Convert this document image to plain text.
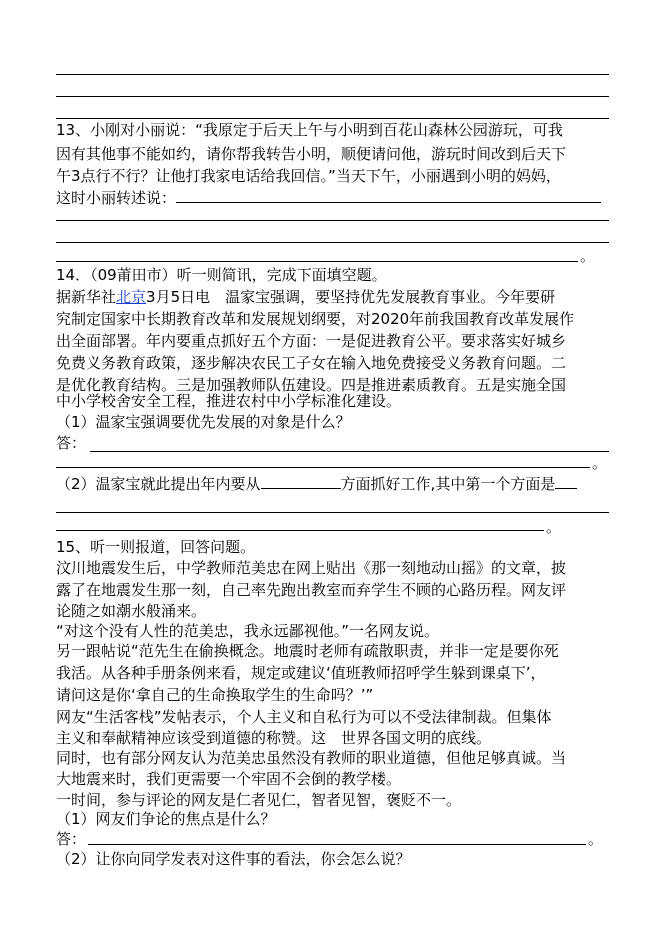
13、小刚对小丽说：“我原定于后天上午与小明到百花山森林公园游玩，可我
因有其他事不能如约，请你帮我转告小明，顺便请问他，游玩时间改到后天下
午3点行不行？让他打我家电话给我回信。”当天下午，小丽遇到小明的妈妈，
这时小丽转述说：
。
14．（09莆田市）听一则简讯，完成下面填空题。
据新华社北京3月5日电　温家宝强调，要坚持优先发展教育事业。今年要研
究制定国家中长期教育改革和发展规划纲要，对2020年前我国教育改革发展作
出全面部署。年内要重点抓好五个方面：一是促进教育公平。要求落实好城乡
免费义务教育政策，逐步解决农民工子女在输入地免费接受义务教育问题。二
是优化教育结构。三是加强教师队伍建设。四是推进素质教育。五是实施全国
中小学校舍安全工程，推进农村中小学标准化建设。
（1）温家宝强调要优先发展的对象是什么？
答：
。
（2）温家宝就此提出年内要从	方面抓好工作,其中第一个方面是
。
15、听一则报道，回答问题。
汶川地震发生后，中学教师范美忠在网上贴出《那一刻地动山摇》的文章，披
露了在地震发生那一刻，自己率先跑出教室而弃学生不顾的心路历程。网友评
论随之如潮水般涌来。
“对这个没有人性的范美忠，我永远鄙视他。”一名网友说。
另一跟帖说“范先生在偷换概念。地震时老师有疏散职责，并非一定是要你死
我活。从各种手册条例来看，规定或建议‘值班教师招呼学生躲到课桌下’，
请问这是你‘拿自己的生命换取学生的生命吗？’”
网友“生活客栈”发帖表示，个人主义和自私行为可以不受法律制裁。但集体
主义和奉献精神应该受到道德的称赞。这　世界各国文明的底线。
同时，也有部分网友认为范美忠虽然没有教师的职业道德，但他足够真诚。当
大地震来时，我们更需要一个牢固不会倒的教学楼。
一时间，参与评论的网友是仁者见仁，智者见智，褒贬不一。
（1）网友们争论的焦点是什么？
答：	。
（2）让你向同学发表对这件事的看法，你会怎么说？
